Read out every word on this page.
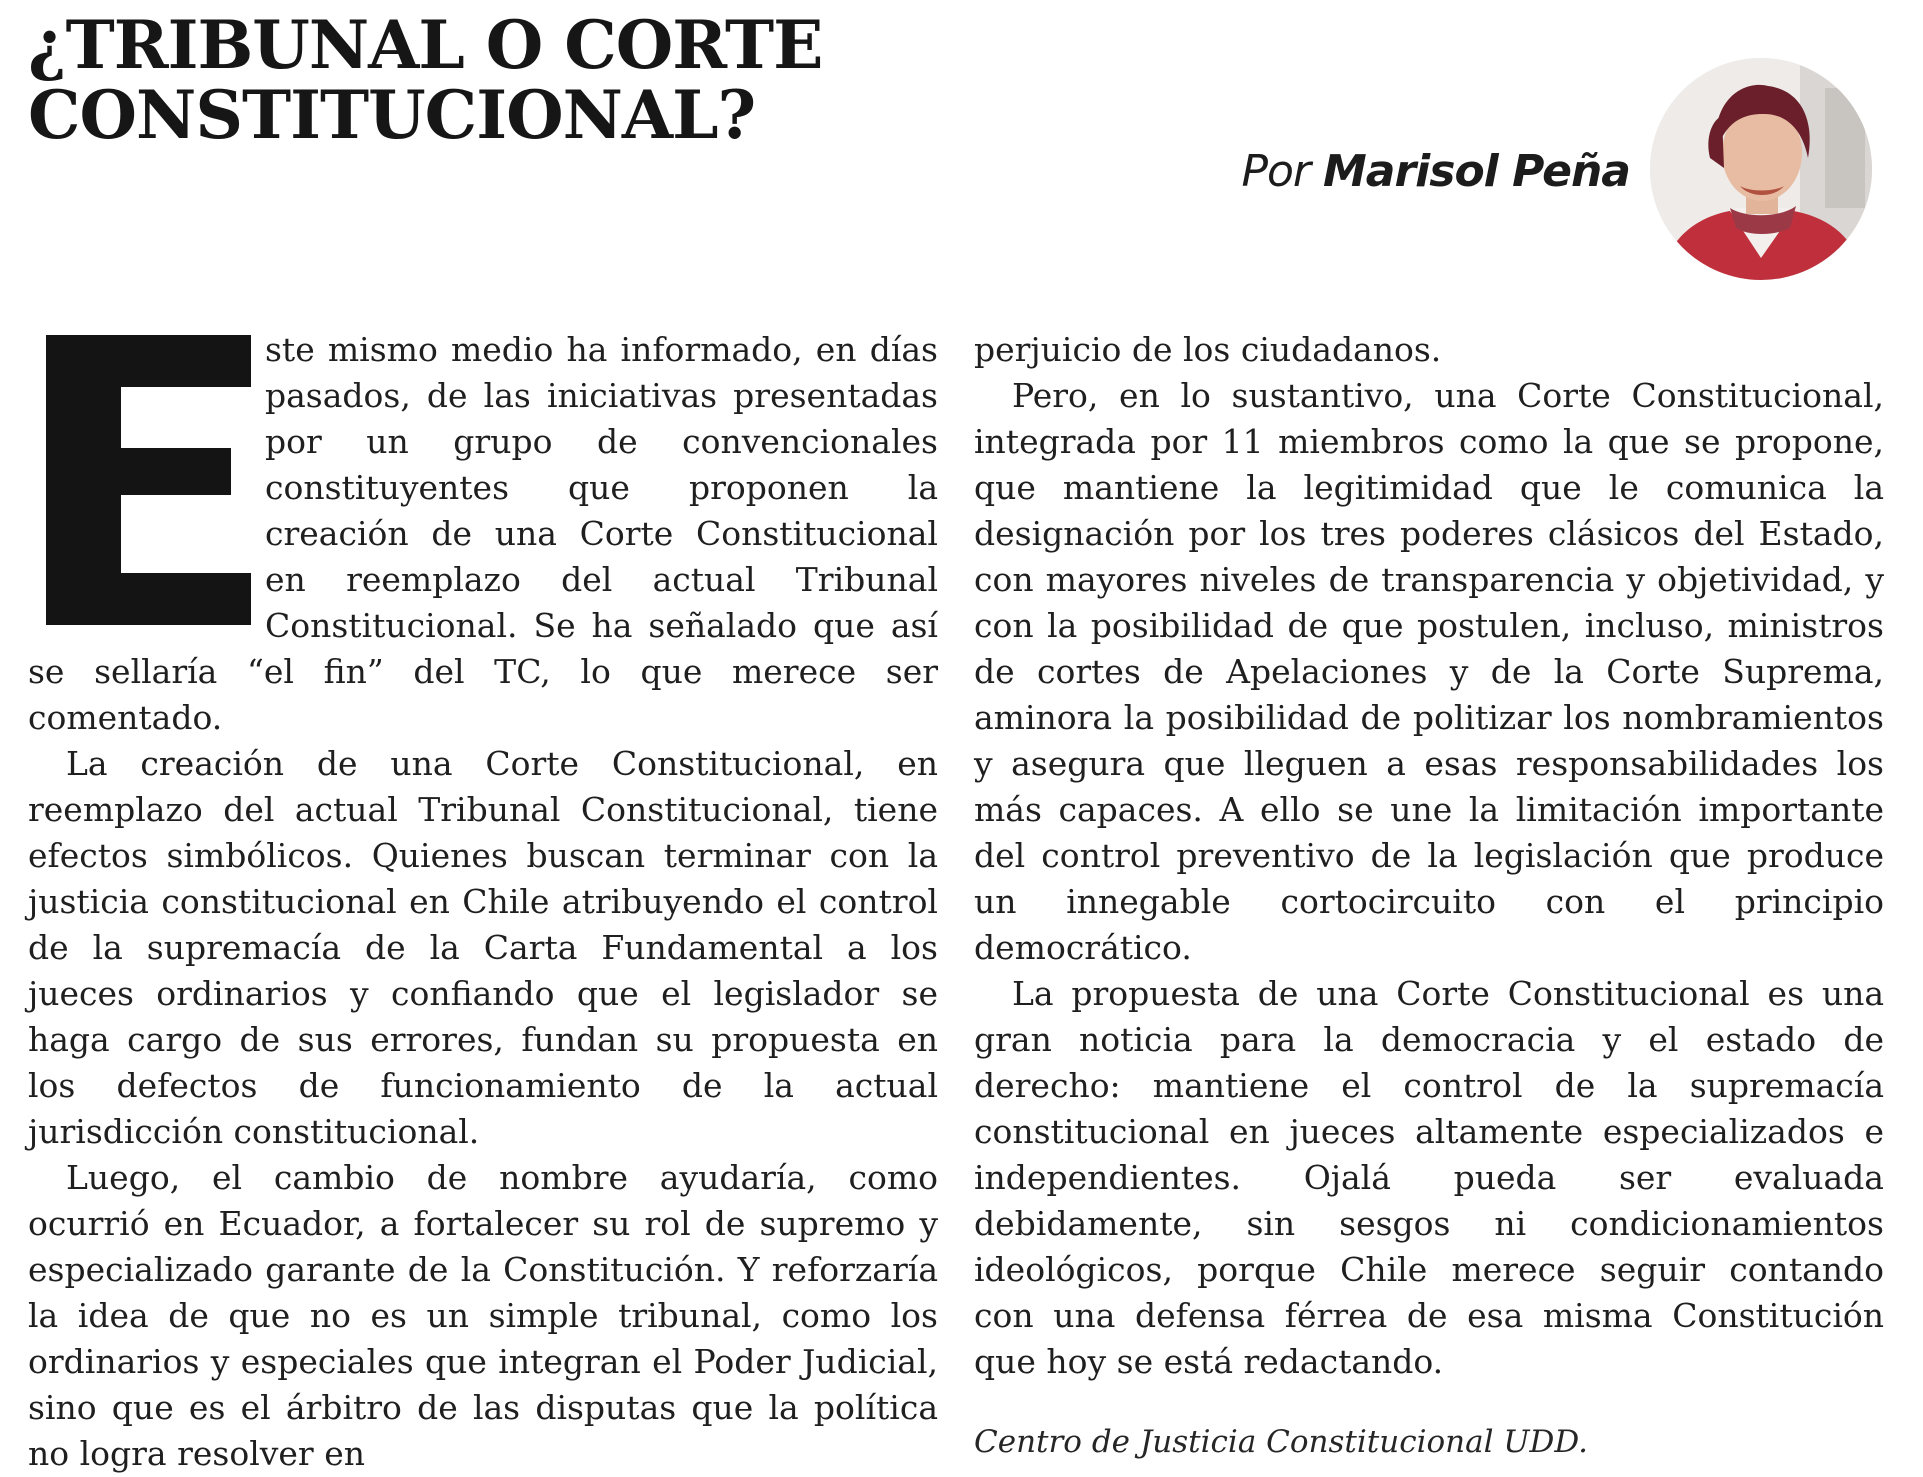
¿TRIBUNAL O CORTE CONSTITUCIONAL?
Por Marisol Peña

ste mismo medio ha informado, en días pasados, de las iniciativas presentadas por un grupo de convencionales constituyentes que proponen la creación de una Corte Constitucional en reemplazo del actual Tribunal Constitucional. Se ha señalado que así se sellaría “el fin” del TC, lo que merece ser comentado.

La creación de una Corte Constitucional, en reemplazo del actual Tribunal Constitucional, tiene efectos simbólicos. Quienes buscan terminar con la justicia constitucional en Chile atribuyendo el control de la supremacía de la Carta Fundamental a los jueces ordinarios y confiando que el legislador se haga cargo de sus errores, fundan su propuesta en los defectos de funcionamiento de la actual jurisdicción constitucional.

Luego, el cambio de nombre ayudaría, como ocurrió en Ecuador, a fortalecer su rol de supremo y especializado garante de la Constitución. Y reforzaría la idea de que no es un simple tribunal, como los ordinarios y especiales que integran el Poder Judicial, sino que es el árbitro de las disputas que la política no logra resolver en

perjuicio de los ciudadanos.

Pero, en lo sustantivo, una Corte Constitucional, integrada por 11 miembros como la que se propone, que mantiene la legitimidad que le comunica la designación por los tres poderes clásicos del Estado, con mayores niveles de transparencia y objetividad, y con la posibilidad de que postulen, incluso, ministros de cortes de Apelaciones y de la Corte Suprema, aminora la posibilidad de politizar los nombramientos y asegura que lleguen a esas responsabilidades los más capaces. A ello se une la limitación importante del control preventivo de la legislación que produce un innegable cortocircuito con el principio democrático.

La propuesta de una Corte Constitucional es una gran noticia para la democracia y el estado de derecho: mantiene el control de la supremacía constitucional en jueces altamente especializados e independientes. Ojalá pueda ser evaluada debidamente, sin sesgos ni condicionamientos ideológicos, porque Chile merece seguir contando con una defensa férrea de esa misma Constitución que hoy se está redactando.

Centro de Justicia Constitucional UDD.
